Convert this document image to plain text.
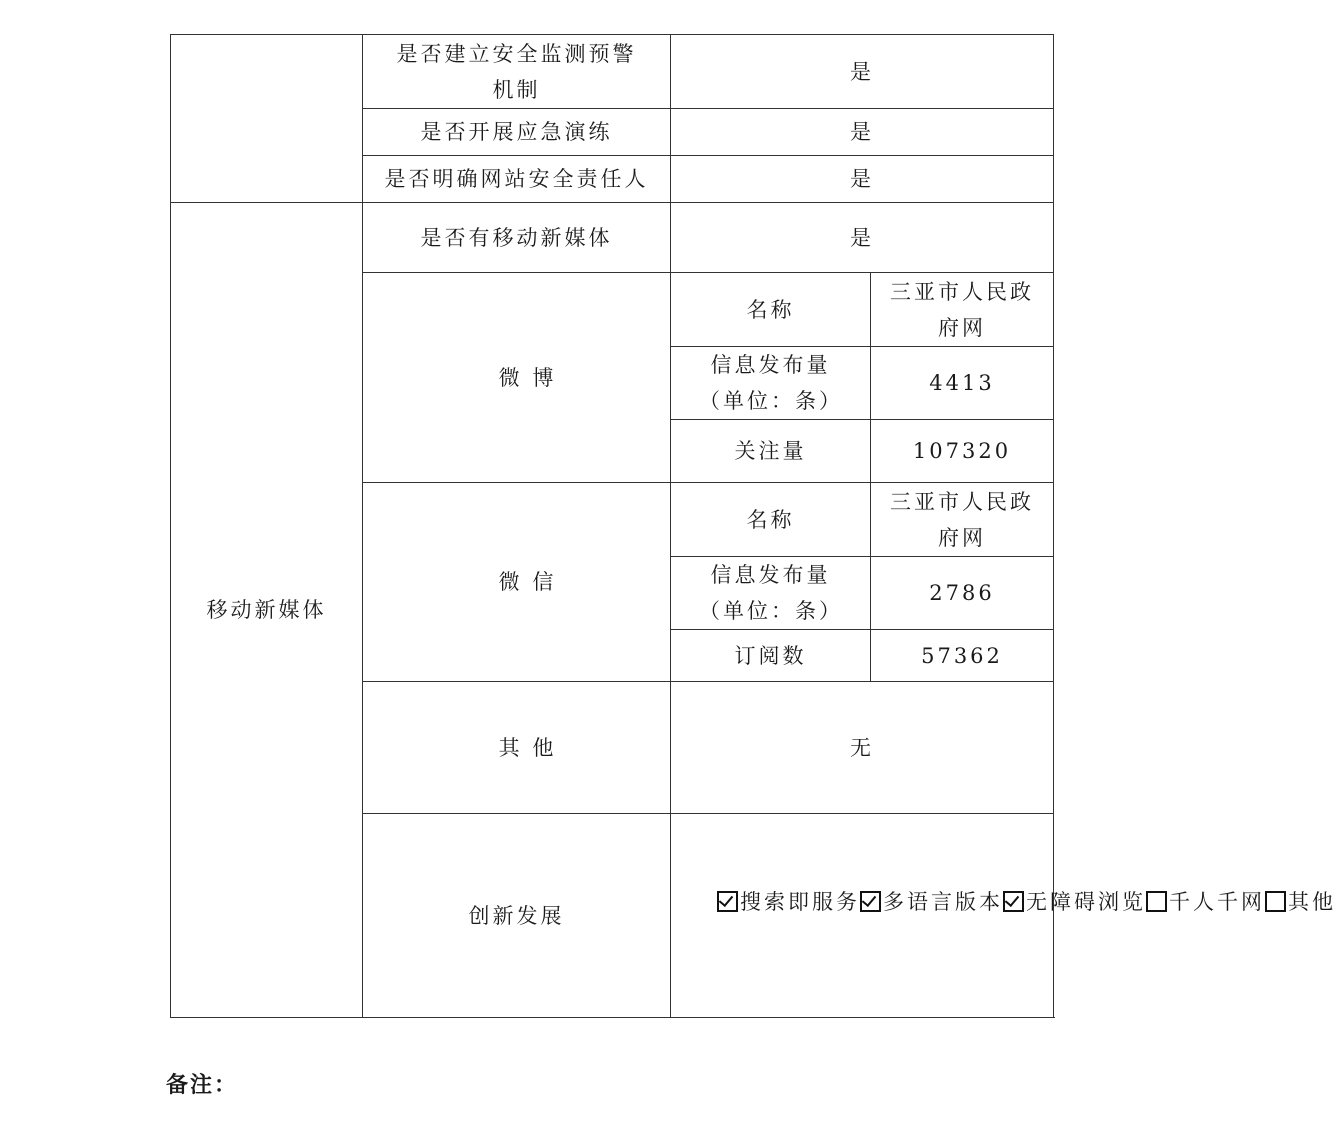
	是否建立安全监测预警机制	是	
	是否开展应急演练	是	
	是否明确网站安全责任人	是	
移动新媒体	是否有移动新媒体	是	
	微 博	名称	三亚市人民政府网
		信息发布量（单位：条）	4413
		关注量	107320
	微 信	名称	三亚市人民政府网
		信息发布量（单位：条）	2786
		订阅数	57362
	其 他	无	
	创新发展	搜索即服务 多语言版本 无障碍浏览 千人千网 其他	
备注：
